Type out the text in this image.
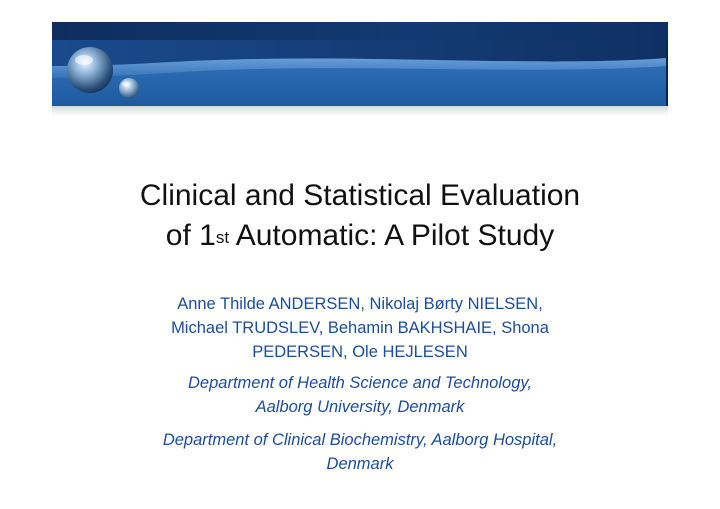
Clinical and Statistical Evaluation
of 1st Automatic: A Pilot Study

Anne Thilde ANDERSEN, Nikolaj Børty NIELSEN,
Michael TRUDSLEV, Behamin BAKHSHAIE, Shona
PEDERSEN, Ole HEJLESEN

Department of Health Science and Technology,
Aalborg University, Denmark

Department of Clinical Biochemistry, Aalborg Hospital,
Denmark
